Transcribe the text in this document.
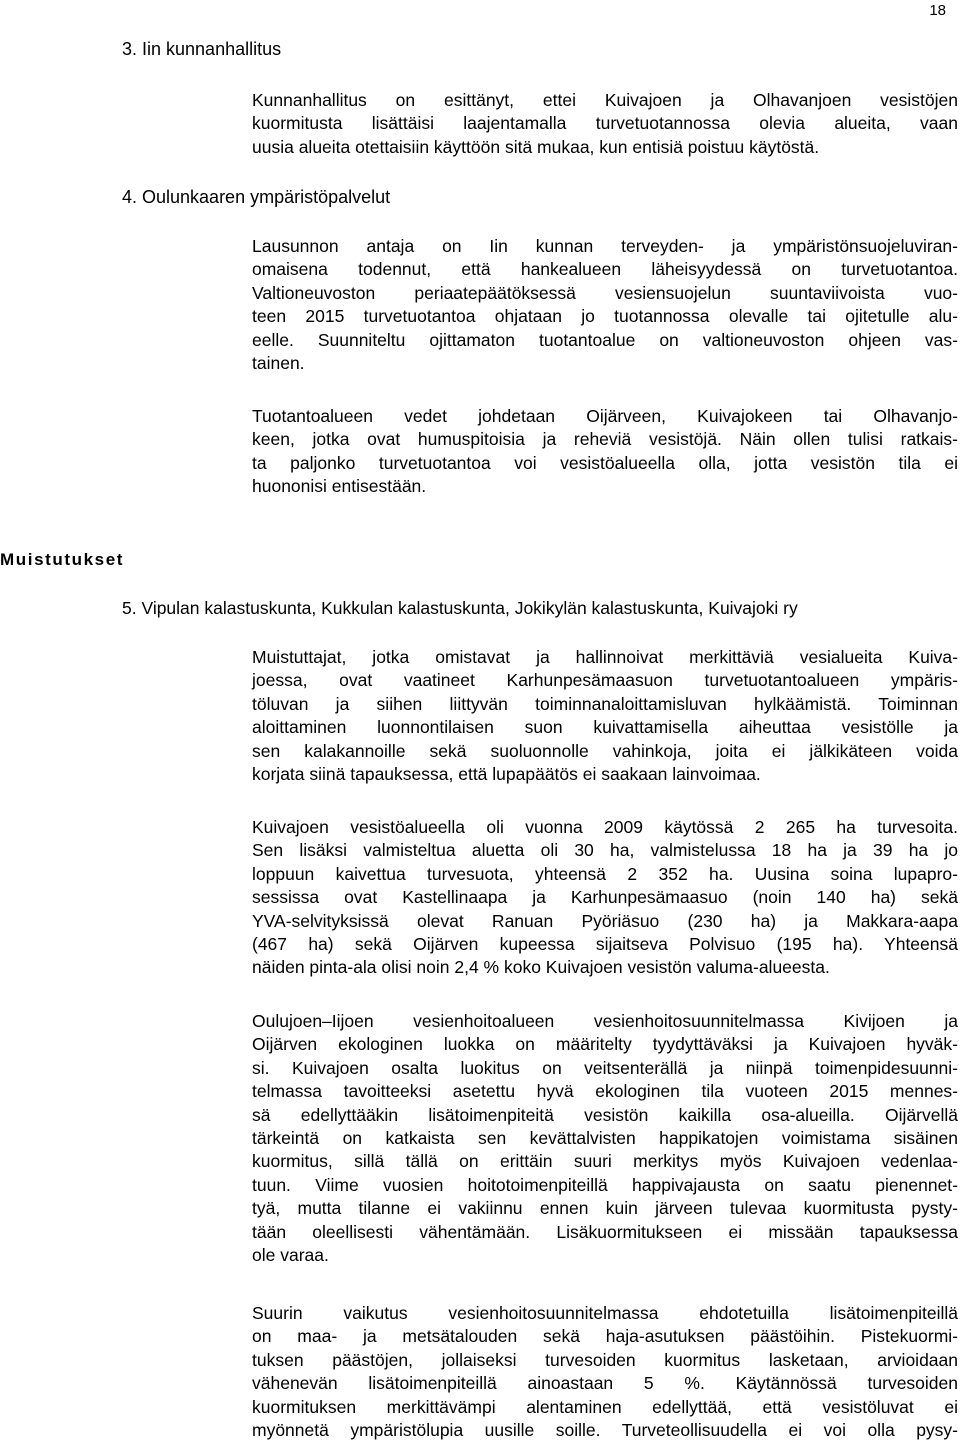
18
3. Iin kunnanhallitus
Kunnanhallitus on esittänyt, ettei Kuivajoen ja Olhavanjoen vesistöjen
kuormitusta lisättäisi laajentamalla turvetuotannossa olevia alueita, vaan
uusia alueita otettaisiin käyttöön sitä mukaa, kun entisiä poistuu käytöstä.
4. Oulunkaaren ympäristöpalvelut
Lausunnon antaja on Iin kunnan terveyden- ja ympäristönsuojeluviran-
omaisena todennut, että hankealueen läheisyydessä on turvetuotantoa.
Valtioneuvoston periaatepäätöksessä vesiensuojelun suuntaviivoista vuo-
teen 2015 turvetuotantoa ohjataan jo tuotannossa olevalle tai ojitetulle alu-
eelle. Suunniteltu ojittamaton tuotantoalue on valtioneuvoston ohjeen vas-
tainen.
Tuotantoalueen vedet johdetaan Oijärveen, Kuivajokeen tai Olhavanjo-
keen, jotka ovat humuspitoisia ja reheviä vesistöjä. Näin ollen tulisi ratkais-
ta paljonko turvetuotantoa voi vesistöalueella olla, jotta vesistön tila ei
huononisi entisestään.
Muistutukset
5. Vipulan kalastuskunta, Kukkulan kalastuskunta, Jokikylän kalastuskunta, Kuivajoki ry
Muistuttajat, jotka omistavat ja hallinnoivat merkittäviä vesialueita Kuiva-
joessa, ovat vaatineet Karhunpesämaasuon turvetuotantoalueen ympäris-
töluvan ja siihen liittyvän toiminnanaloittamisluvan hylkäämistä. Toiminnan
aloittaminen luonnontilaisen suon kuivattamisella aiheuttaa vesistölle ja
sen kalakannoille sekä suoluonnolle vahinkoja, joita ei jälkikäteen voida
korjata siinä tapauksessa, että lupapäätös ei saakaan lainvoimaa.
Kuivajoen vesistöalueella oli vuonna 2009 käytössä 2 265 ha turvesoita.
Sen lisäksi valmisteltua aluetta oli 30 ha, valmistelussa 18 ha ja 39 ha jo
loppuun kaivettua turvesuota, yhteensä 2 352 ha. Uusina soina lupapro-
sessissa ovat Kastellinaapa ja Karhunpesämaasuo (noin 140 ha) sekä
YVA-selvityksissä olevat Ranuan Pyöriäsuo (230 ha) ja Makkara-aapa
(467 ha) sekä Oijärven kupeessa sijaitseva Polvisuo (195 ha). Yhteensä
näiden pinta-ala olisi noin 2,4 % koko Kuivajoen vesistön valuma-alueesta.
Oulujoen–Iijoen vesienhoitoalueen vesienhoitosuunnitelmassa Kivijoen ja
Oijärven ekologinen luokka on määritelty tyydyttäväksi ja Kuivajoen hyväk-
si. Kuivajoen osalta luokitus on veitsenterällä ja niinpä toimenpidesuunni-
telmassa tavoitteeksi asetettu hyvä ekologinen tila vuoteen 2015 mennes-
sä edellyttääkin lisätoimenpiteitä vesistön kaikilla osa-alueilla. Oijärvellä
tärkeintä on katkaista sen kevättalvisten happikatojen voimistama sisäinen
kuormitus, sillä tällä on erittäin suuri merkitys myös Kuivajoen vedenlaa-
tuun. Viime vuosien hoitotoimenpiteillä happivajausta on saatu pienennet-
tyä, mutta tilanne ei vakiinnu ennen kuin järveen tulevaa kuormitusta pysty-
tään oleellisesti vähentämään. Lisäkuormitukseen ei missään tapauksessa
ole varaa.
Suurin vaikutus vesienhoitosuunnitelmassa ehdotetuilla lisätoimenpiteillä
on maa- ja metsätalouden sekä haja-asutuksen päästöihin. Pistekuormi-
tuksen päästöjen, jollaiseksi turvesoiden kuormitus lasketaan, arvioidaan
vähenevän lisätoimenpiteillä ainoastaan 5 %. Käytännössä turvesoiden
kuormituksen merkittävämpi alentaminen edellyttää, että vesistöluvat ei
myönnetä ympäristölupia uusille soille. Turveteollisuudella ei voi olla pysy-
